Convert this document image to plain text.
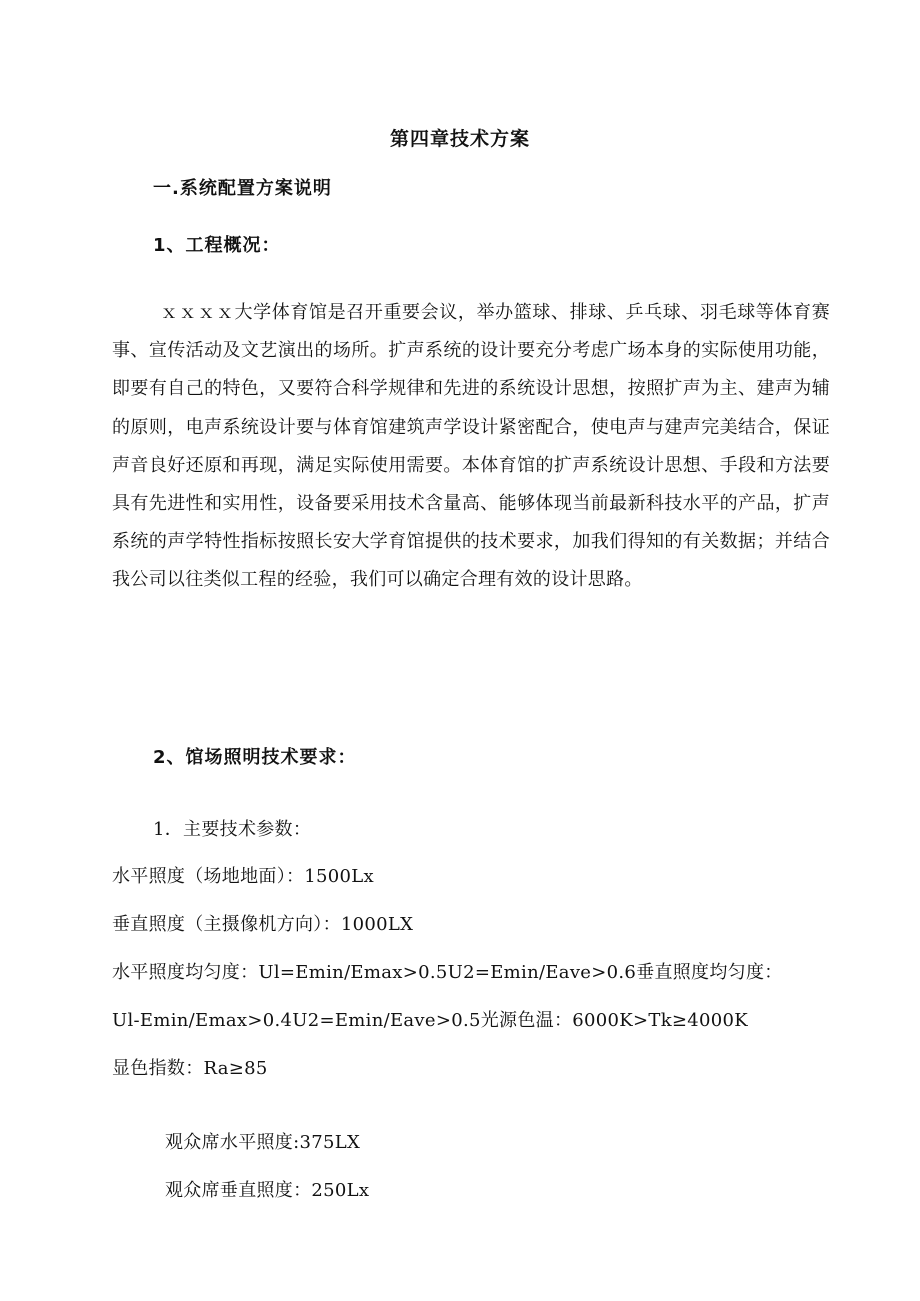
第四章技术方案
一.系统配置方案说明
1、工程概况：
ｘｘｘｘ大学体育馆是召开重要会议，举办篮球、排球、乒乓球、羽毛球等体育赛事、宣传活动及文艺演出的场所。扩声系统的设计要充分考虑广场本身的实际使用功能，即要有自己的特色，又要符合科学规律和先进的系统设计思想，按照扩声为主、建声为辅的原则，电声系统设计要与体育馆建筑声学设计紧密配合，使电声与建声完美结合，保证声音良好还原和再现，满足实际使用需要。本体育馆的扩声系统设计思想、手段和方法要具有先进性和实用性，设备要采用技术含量高、能够体现当前最新科技水平的产品，扩声系统的声学特性指标按照长安大学育馆提供的技术要求，加我们得知的有关数据；并结合我公司以往类似工程的经验，我们可以确定合理有效的设计思路。
2、馆场照明技术要求：
1．主要技术参数：
水平照度（场地地面）：1500Lx
垂直照度（主摄像机方向）：1000LX
水平照度均匀度：Ul=Emin/Emax>0.5U2=Emin/Eave>0.6垂直照度均匀度：
Ul-Emin/Emax>0.4U2=Emin/Eave>0.5光源色温：6000K>Tk≥4000K
显色指数：Ra≥85
观众席水平照度:375LX
观众席垂直照度：250Lx
